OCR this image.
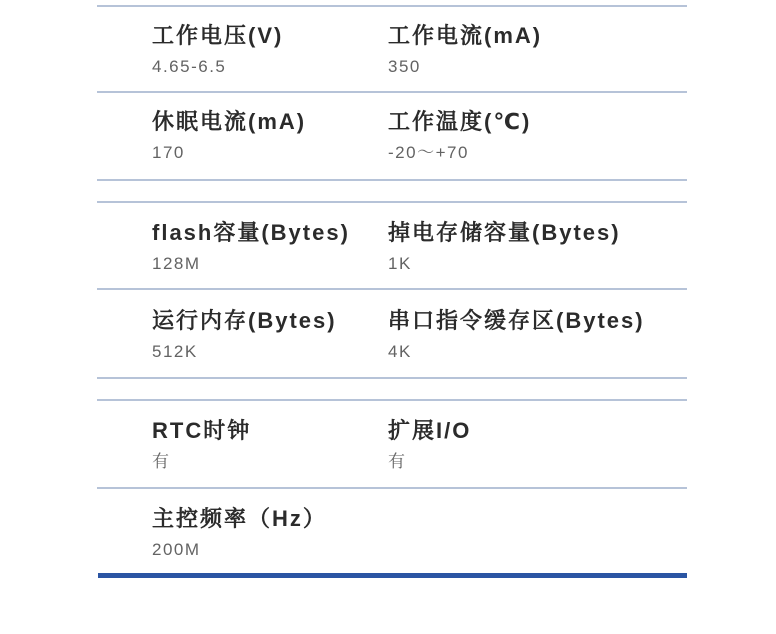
工作电压(V)
4.65-6.5
工作电流(mA)
350
休眠电流(mA)
170
工作温度(℃)
-20～+70
flash容量(Bytes)
128M
掉电存储容量(Bytes)
1K
运行内存(Bytes)
512K
串口指令缓存区(Bytes)
4K
RTC时钟
有
扩展I/O
有
主控频率（Hz）
200M
